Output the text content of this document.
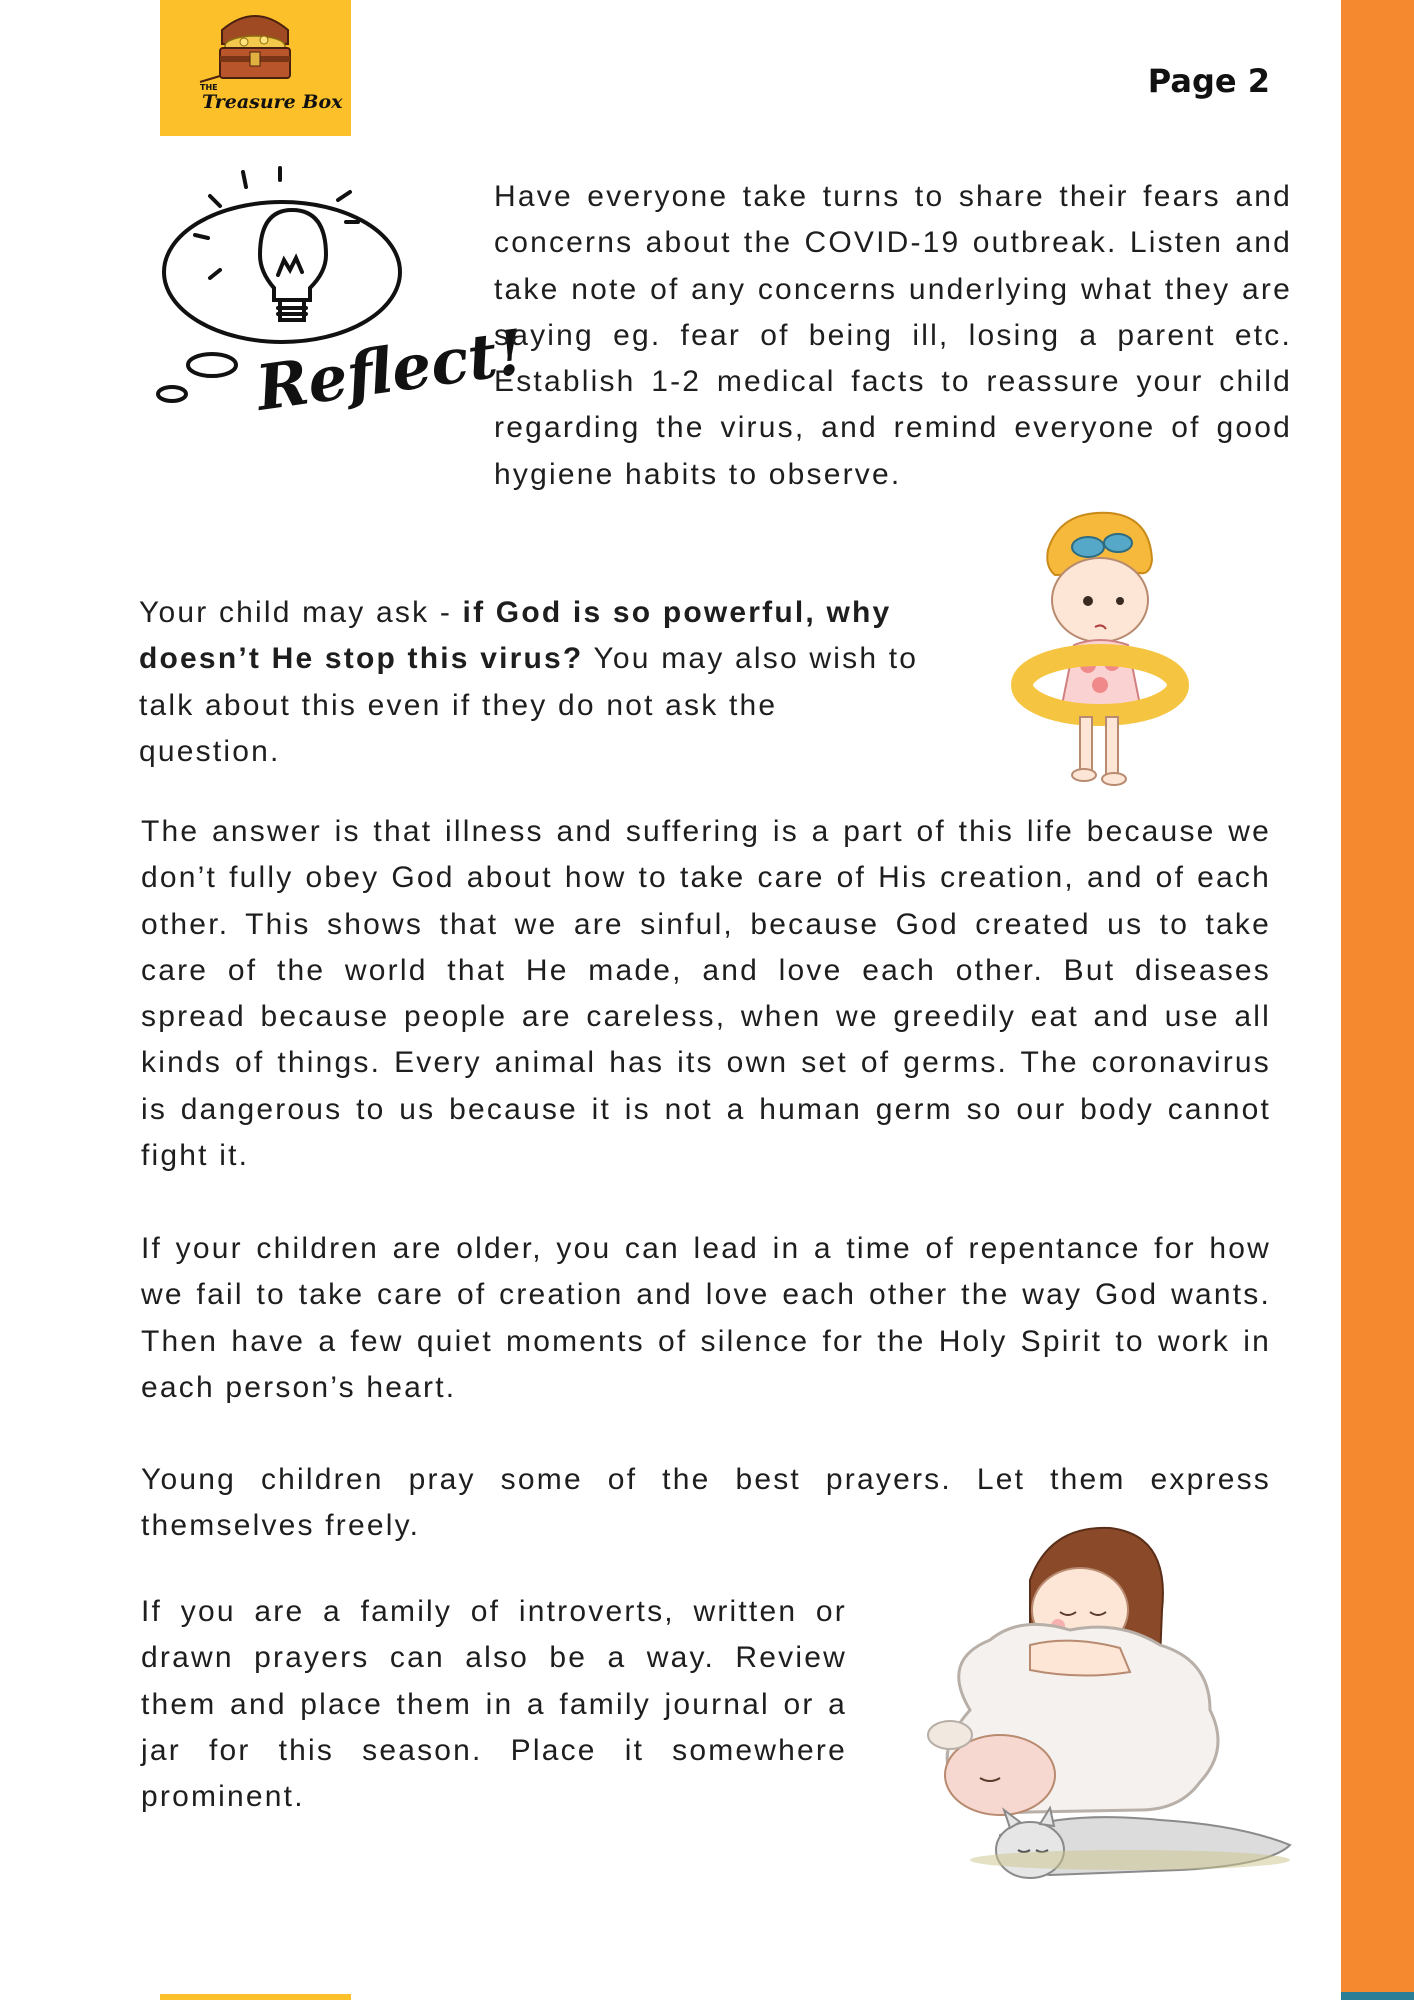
THE
Treasure Box
Page 2
Reflect!
Have everyone take turns to share their fears and concerns about the COVID-19 outbreak. Listen and take note of any concerns underlying what they are saying eg. fear of being ill, losing a parent etc. Establish 1-2 medical facts to reassure your child regarding the virus, and remind everyone of good hygiene habits to observe.
Your child may ask - if God is so powerful, why doesn’t He stop this virus? You may also wish to talk about this even if they do not ask the question.
The answer is that illness and suffering is a part of this life because we don’t fully obey God about how to take care of His creation, and of each other. This shows that we are sinful, because God created us to take care of the world that He made, and love each other. But diseases spread because people are careless, when we greedily eat and use all kinds of things. Every animal has its own set of germs. The coronavirus is dangerous to us because it is not a human germ so our body cannot fight it.
If your children are older, you can lead in a time of repentance for how we fail to take care of creation and love each other the way God wants. Then have a few quiet moments of silence for the Holy Spirit to work in each person’s heart.
Young children pray some of the best prayers. Let them express themselves freely.
If you are a family of introverts, written or drawn prayers can also be a way. Review them and place them in a family journal or a jar for this season. Place it somewhere prominent.
